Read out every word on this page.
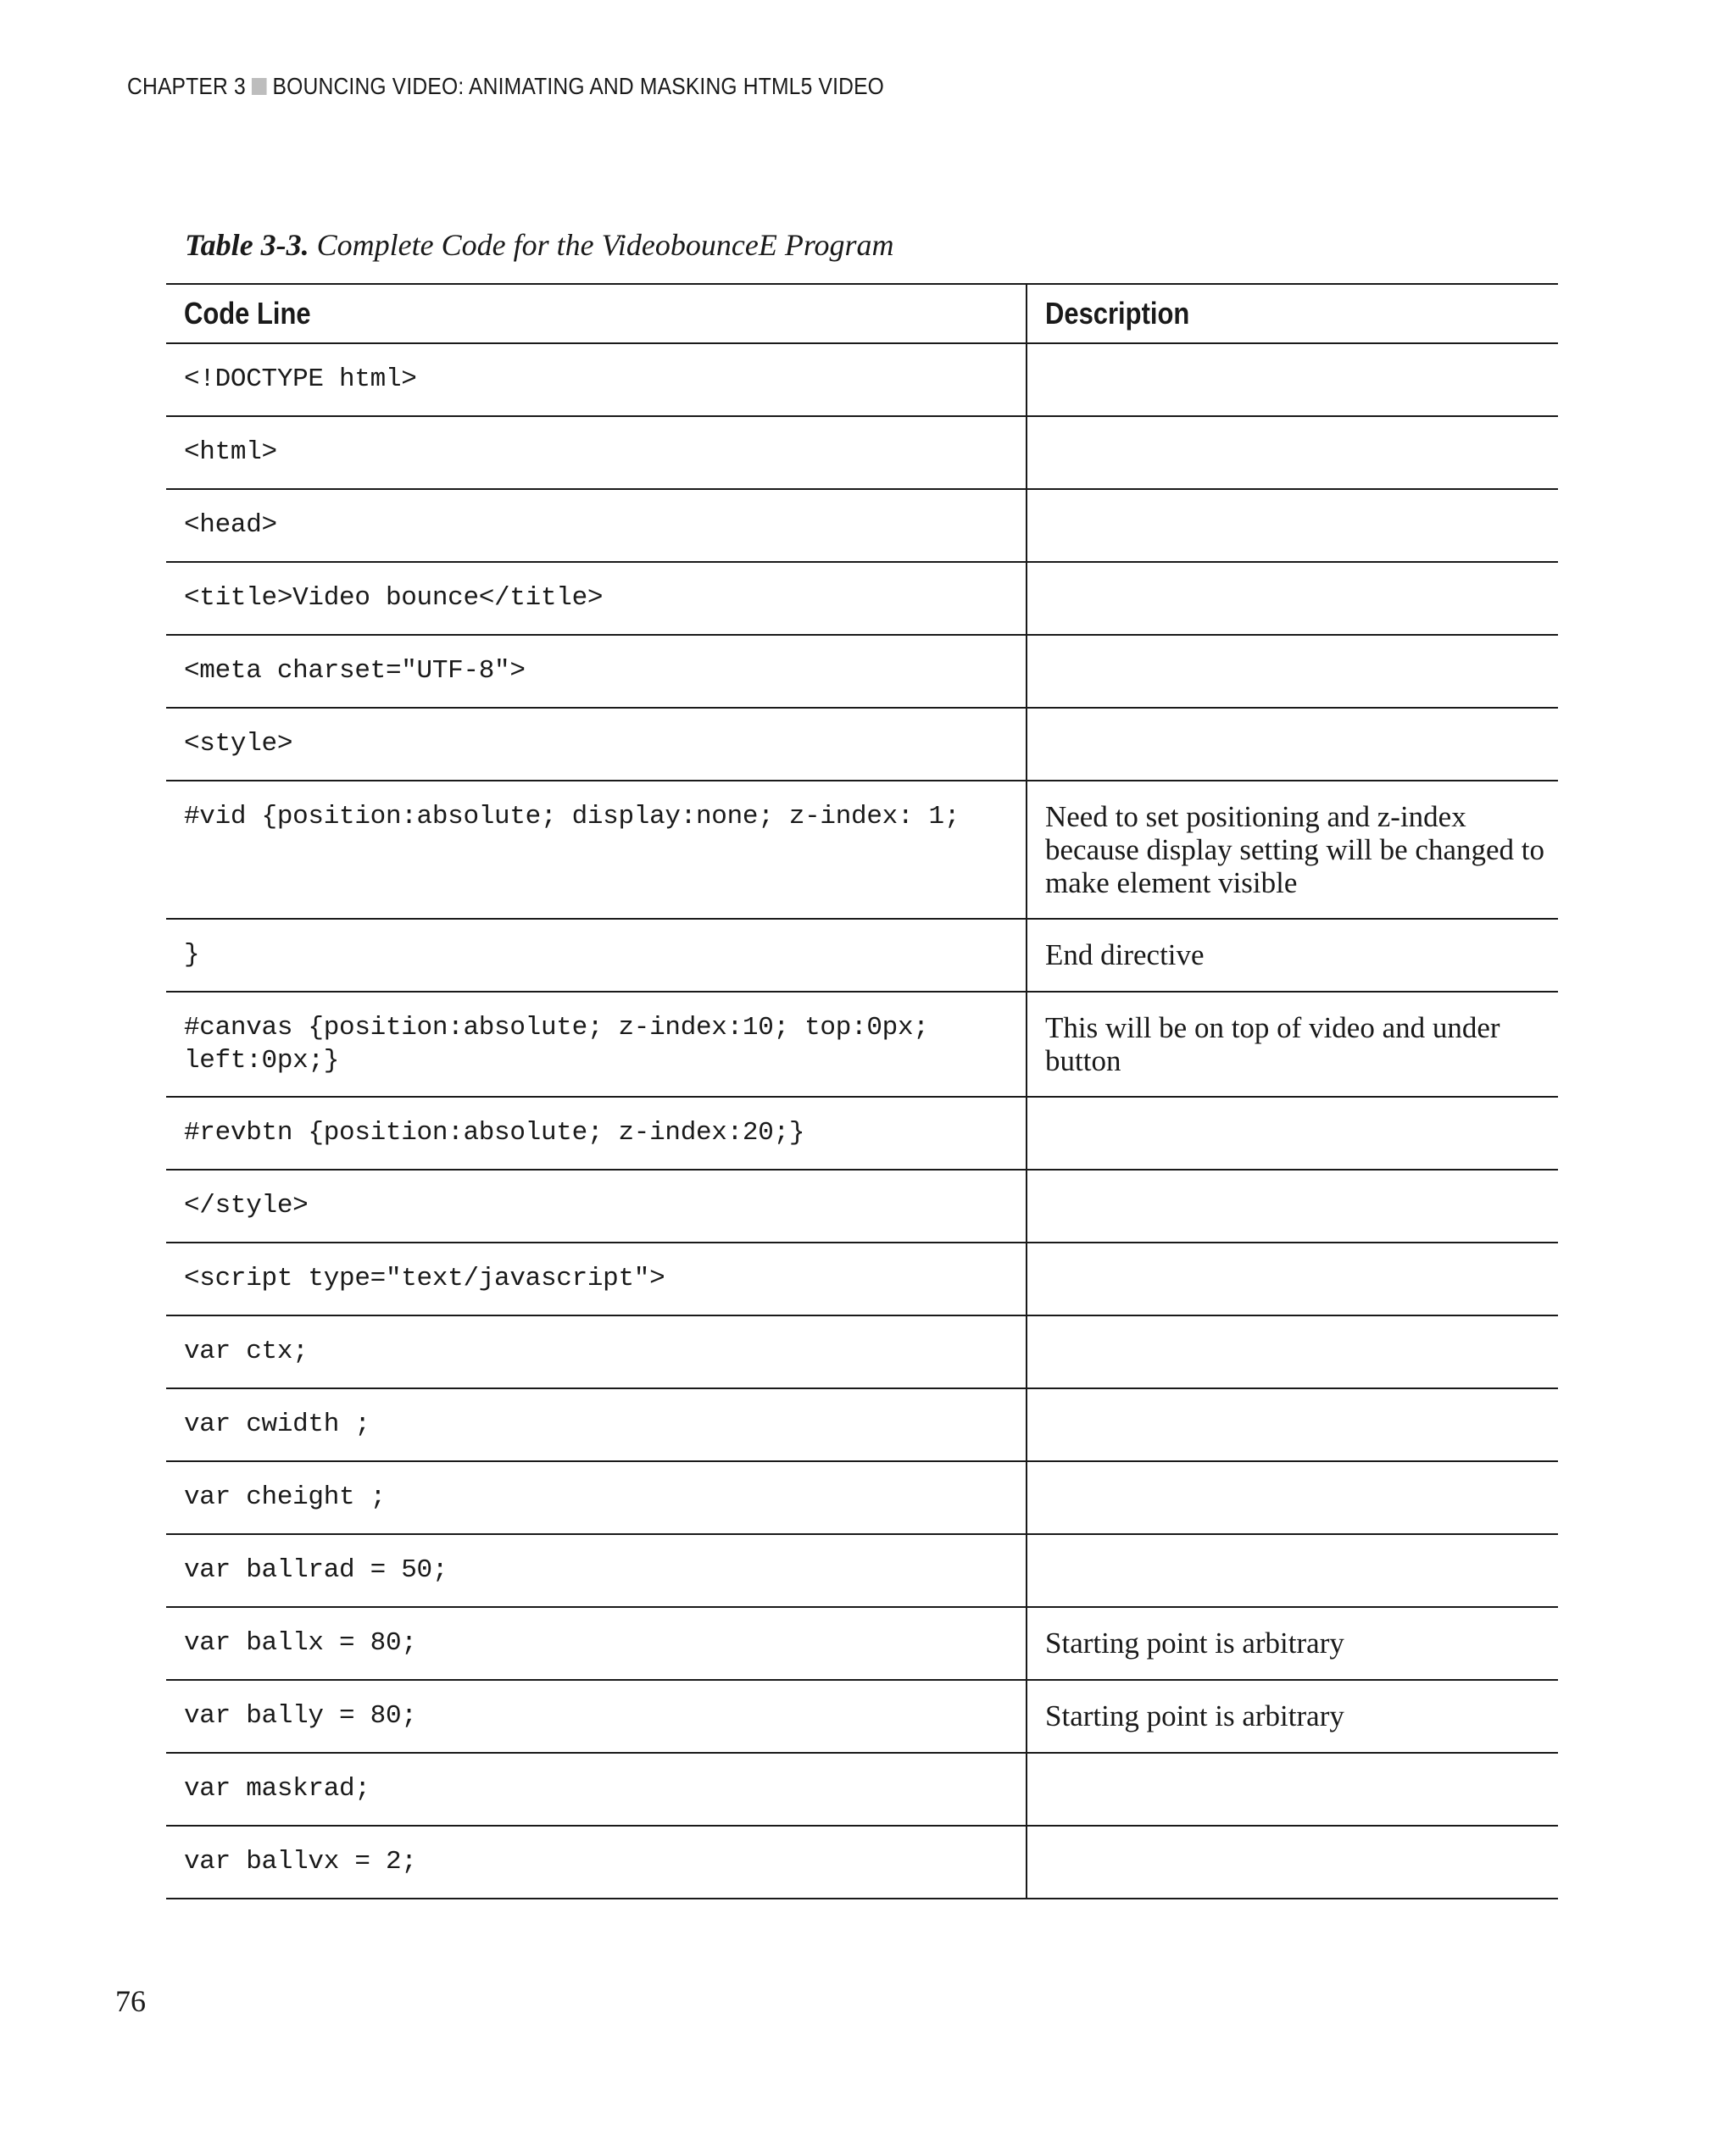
CHAPTER 3 BOUNCING VIDEO: ANIMATING AND MASKING HTML5 VIDEO
Table 3-3. Complete Code for the VideobounceE Program
Code Line	Description
<!DOCTYPE html>	
<html>	
<head>	
<title>Video bounce</title>	
<meta charset="UTF-8">	
<style>	
#vid {position:absolute; display:none; z-index: 1;	Need to set positioning and z-index because display setting will be changed to make element visible
}	End directive
#canvas {position:absolute; z-index:10; top:0px; left:0px;}	This will be on top of video and under button
#revbtn {position:absolute; z-index:20;}	
</style>	
<script type="text/javascript">	
var ctx;	
var cwidth ;	
var cheight ;	
var ballrad = 50;	
var ballx = 80;	Starting point is arbitrary
var bally = 80;	Starting point is arbitrary
var maskrad;	
var ballvx = 2;	
76
